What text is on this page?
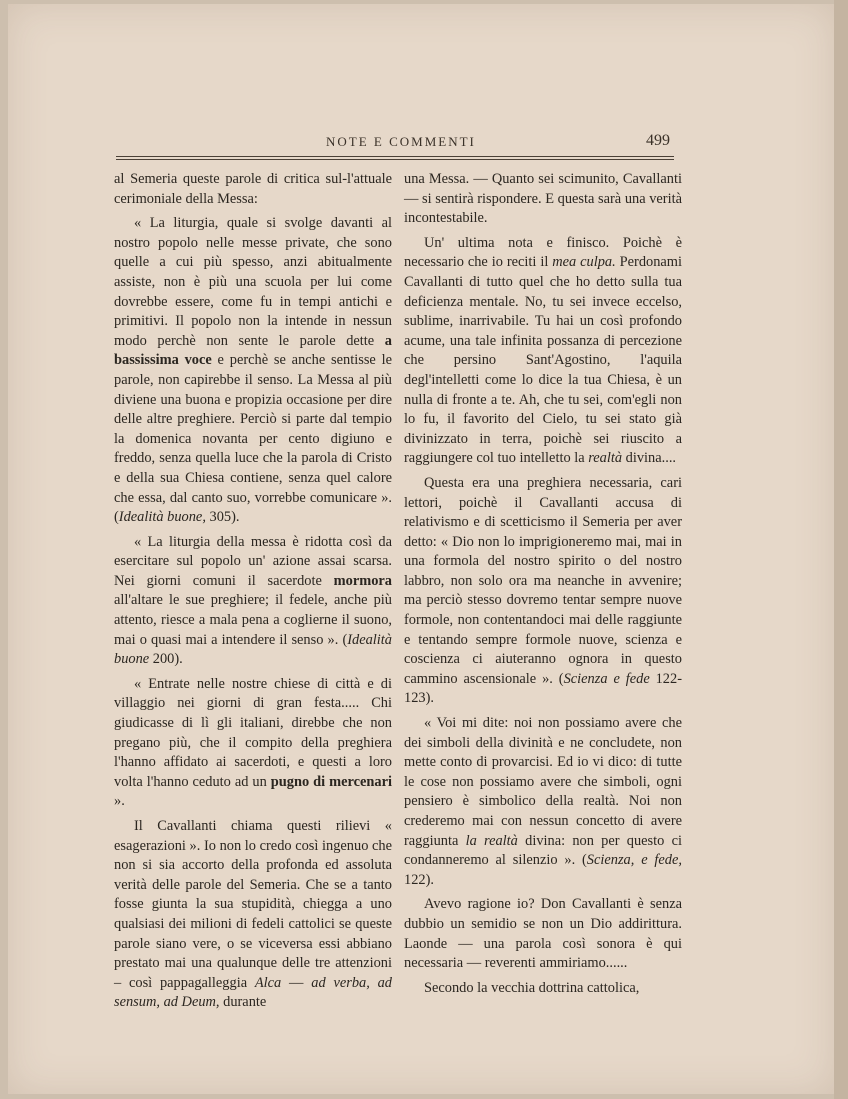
NOTE E COMMENTI	499

al Semeria queste parole di critica sul-l'attuale cerimoniale della Messa:

« La liturgia, quale si svolge davanti al nostro popolo nelle messe private, che sono quelle a cui più spesso, anzi abitualmente assiste, non è più una scuola per lui come dovrebbe essere, come fu in tempi antichi e primitivi. Il popolo non la intende in nessun modo perchè non sente le parole dette a bassissima voce e perchè se anche sentisse le parole, non capirebbe il senso. La Messa al più diviene una buona e propizia occasione per dire delle altre preghiere. Perciò si parte dal tempio la domenica novanta per cento digiuno e freddo, senza quella luce che la parola di Cristo e della sua Chiesa contiene, senza quel calore che essa, dal canto suo, vorrebbe comunicare ». (Idealità buone, 305).

« La liturgia della messa è ridotta così da esercitare sul popolo un' azione assai scarsa. Nei giorni comuni il sacerdote mormora all'altare le sue preghiere; il fedele, anche più attento, riesce a mala pena a coglierne il suono, mai o quasi mai a intendere il senso ». (Idealità buone 200).

« Entrate nelle nostre chiese di città e di villaggio nei giorni di gran festa..... Chi giudicasse di lì gli italiani, direbbe che non pregano più, che il compito della preghiera l'hanno affidato ai sacerdoti, e questi a loro volta l'hanno ceduto ad un pugno di mercenari ».

Il Cavallanti chiama questi rilievi « esagerazioni ». Io non lo credo così ingenuo che non si sia accorto della profonda ed assoluta verità delle parole del Semeria. Che se a tanto fosse giunta la sua stupidità, chiegga a uno qualsiasi dei milioni di fedeli cattolici se queste parole siano vere, o se viceversa essi abbiano prestato mai una qualunque delle tre attenzioni – così pappagalleggia Alca — ad verba, ad sensum, ad Deum, durante

una Messa. — Quanto sei scimunito, Cavallanti — si sentirà rispondere. E questa sarà una verità incontestabile.

Un' ultima nota e finisco. Poichè è necessario che io reciti il mea culpa. Perdonami Cavallanti di tutto quel che ho detto sulla tua deficienza mentale. No, tu sei invece eccelso, sublime, inarrivabile. Tu hai un così profondo acume, una tale infinita possanza di percezione che persino Sant'Agostino, l'aquila degl'intelletti come lo dice la tua Chiesa, è un nulla di fronte a te. Ah, che tu sei, com'egli non lo fu, il favorito del Cielo, tu sei stato già divinizzato in terra, poichè sei riuscito a raggiungere col tuo intelletto la realtà divina....

Questa era una preghiera necessaria, cari lettori, poichè il Cavallanti accusa di relativismo e di scetticismo il Semeria per aver detto: « Dio non lo imprigioneremo mai, mai in una formola del nostro spirito o del nostro labbro, non solo ora ma neanche in avvenire; ma perciò stesso dovremo tentar sempre nuove formole, non contentandoci mai delle raggiunte e tentando sempre formole nuove, scienza e coscienza ci aiuteranno ognora in questo cammino ascensionale ». (Scienza e fede 122-123).

« Voi mi dite: noi non possiamo avere che dei simboli della divinità e ne concludete, non mette conto di provarcisi. Ed io vi dico: di tutte le cose non possiamo avere che simboli, ogni pensiero è simbolico della realtà. Noi non crederemo mai con nessun concetto di avere raggiunta la realtà divina: non per questo ci condanneremo al silenzio ». (Scienza, e fede, 122).

Avevo ragione io? Don Cavallanti è senza dubbio un semidio se non un Dio addirittura. Laonde — una parola così sonora è qui necessaria — reverenti ammiriamo......

Secondo la vecchia dottrina cattolica,
